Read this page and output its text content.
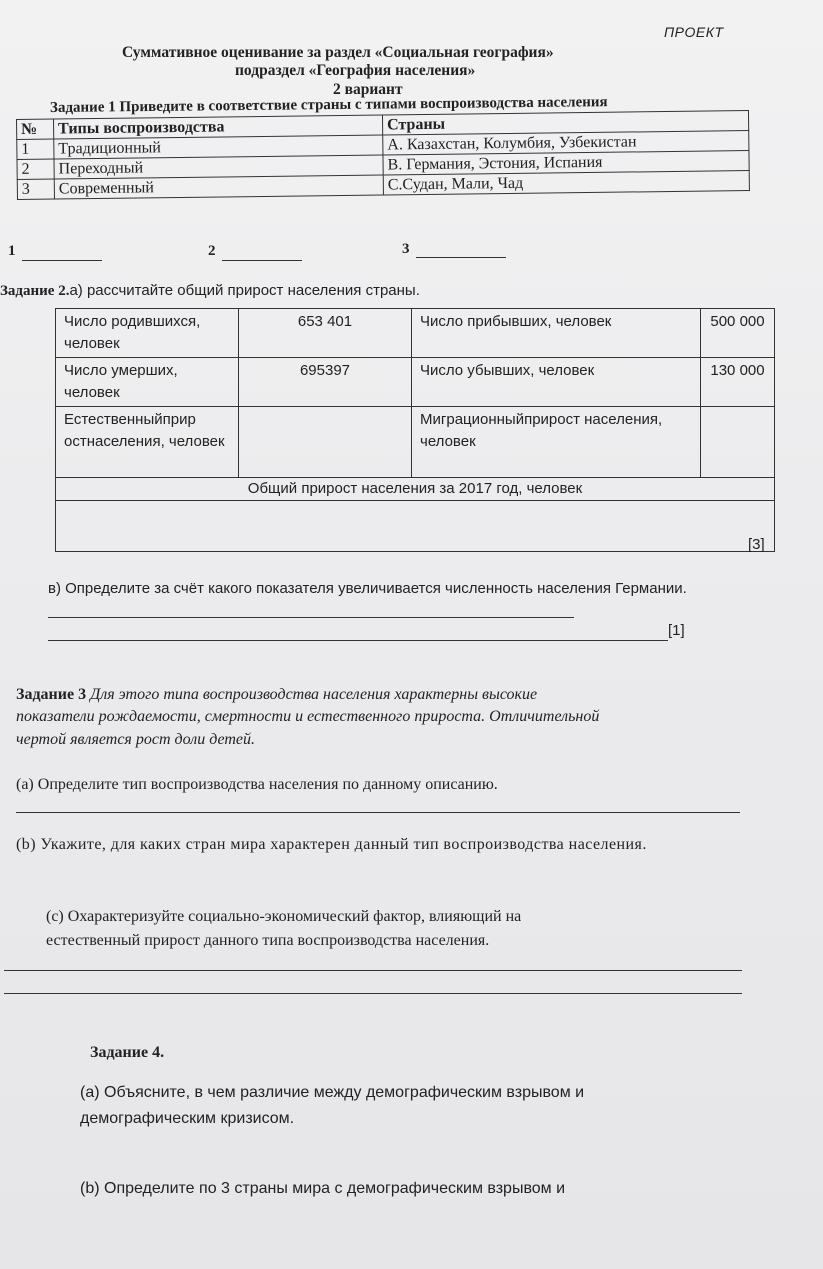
ПРОЕКТ
Суммативное оценивание за раздел «Социальная география»
подраздел «География населения»
2 вариант
Задание 1 Приведите в соответствие страны с типами воспроизводства населения
№	Типы воспроизводства	Страны
1	Традиционный	А. Казахстан, Колумбия, Узбекистан
2	Переходный	В. Германия, Эстония, Испания
3	Современный	С.Судан, Мали, Чад
1	2	3
Задание 2.а) рассчитайте общий прирост населения страны.
Число родившихся, человек	653 401	Число прибывших, человек	500 000
Число умерших, человек	695397	Число убывших, человек	130 000
Естественныйприр остнаселения, человек		Миграционныйприрост населения, человек	
Общий прирост населения за 2017 год, человек			

[3]
в) Определите за счёт какого показателя увеличивается численность населения Германии.
[1]
Задание 3 Для этого типа воспроизводства населения характерны высокие
показатели рождаемости, смертности и естественного прироста. Отличительной
чертой является рост доли детей.
(а) Определите тип воспроизводства населения по данному описанию.
(b) Укажите, для каких стран мира характерен данный тип воспроизводства населения.
(с) Охарактеризуйте социально-экономический фактор, влияющий на
естественный прирост данного типа воспроизводства населения.
Задание 4.
(а) Объясните, в чем различие между демографическим взрывом и
демографическим кризисом.
(b) Определите по 3 страны мира с демографическим взрывом и
